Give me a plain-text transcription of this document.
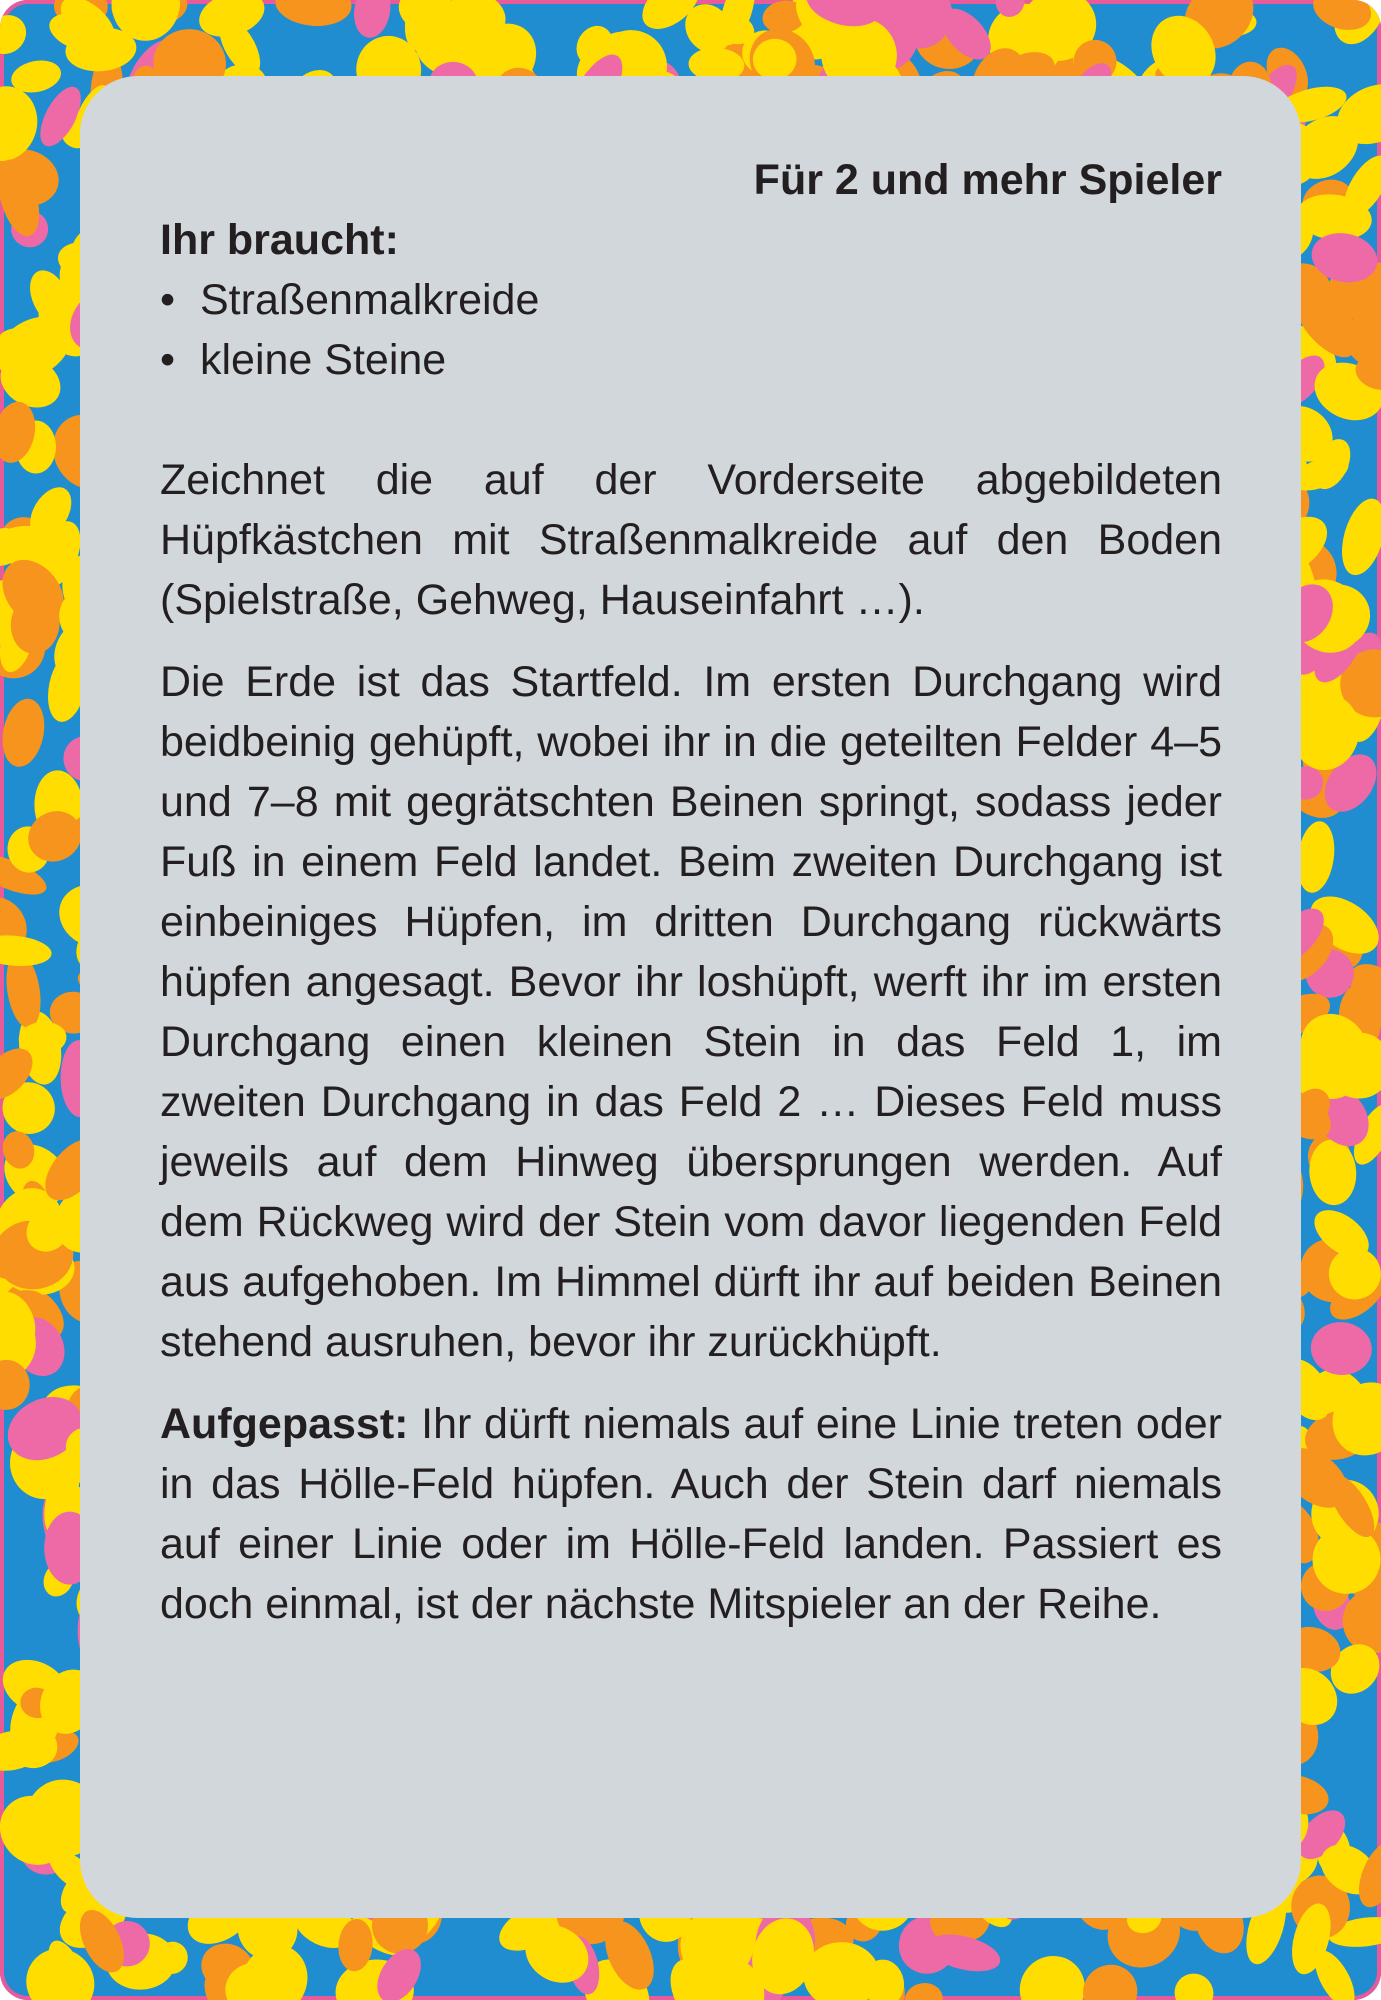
Für 2 und mehr Spieler

Ihr braucht:

• Straßenmalkreide
• kleine Steine

Zeichnet die auf der Vorderseite abgebildeten Hüpfkästchen mit Straßenmalkreide auf den Boden (Spielstraße, Gehweg, Hauseinfahrt …).

Die Erde ist das Startfeld. Im ersten Durchgang wird beidbeinig gehüpft, wobei ihr in die geteilten Felder 4–5 und 7–8 mit gegrätschten Beinen springt, sodass jeder Fuß in einem Feld landet. Beim zweiten Durchgang ist einbeiniges Hüpfen, im dritten Durchgang rückwärts hüpfen angesagt. Bevor ihr loshüpft, werft ihr im ersten Durchgang einen kleinen Stein in das Feld 1, im zweiten Durchgang in das Feld 2 … Dieses Feld muss jeweils auf dem Hinweg übersprungen werden. Auf dem Rückweg wird der Stein vom davor liegenden Feld aus aufgehoben. Im Himmel dürft ihr auf beiden Beinen stehend ausruhen, bevor ihr zurückhüpft.

Aufgepasst: Ihr dürft niemals auf eine Linie treten oder in das Hölle-Feld hüpfen. Auch der Stein darf niemals auf einer Linie oder im Hölle-Feld landen. Passiert es doch einmal, ist der nächste Mitspieler an der Reihe.
